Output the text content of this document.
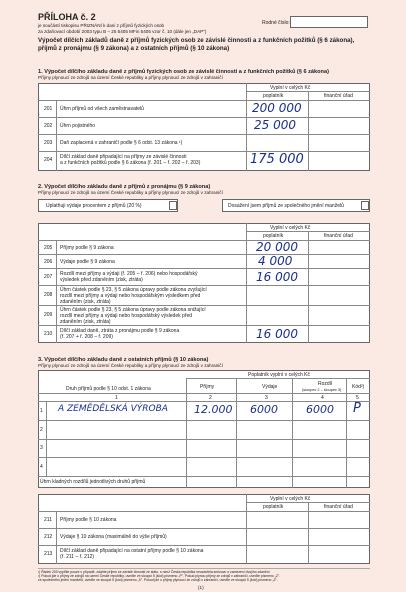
PŘÍLOHA č. 2
je součástí tiskopisu PŘIZNÁNÍ k dani z příjmů fyzických osob
za zdaňovací období 2003 typu B – 25 5405 MFin 5405 vzor č. 10 (dále jen „DAP")
Rodné číslo:
Výpočet dílčích základů daně z příjmů fyzických osob ze závislé činnosti a z funkčních požitků (§ 6 zákona),
příjmů z pronájmu (§ 9 zákona) a z ostatních příjmů (§ 10 zákona)
1. Výpočet dílčího základu daně z příjmů fyzických osob ze závislé činnosti a z funkčních požitků (§ 6 zákona)
Příjmy plynoucí ze zdrojů na území České republiky a příjmy plynoucí ze zdrojů v zahraničí
Vyplní v celých Kč
poplatník	finanční úřad
201 Úhrn příjmů od všech zaměstnavatelů	200 000
202 Úhrn pojistného	25 000
203 Daň zaplacená v zahraničí podle § 6 odst. 13 zákona ¹)
204 Dílčí základ daně připadající na příjmy ze závislé činnosti
a z funkčních požitků podle § 6 zákona (ř. 201 – ř. 202 – ř. 203)	175 000
2. Výpočet dílčího základu daně z příjmů z pronájmu (§ 9 zákona)
Příjmy plynoucí ze zdrojů na území České republiky a příjmy plynoucí ze zdrojů v zahraničí
Uplatňuji výdaje procentem z příjmů (20 %)	Dosažení jsem příjmů ze společného jmění manželů
Vyplní v celých Kč
poplatník	finanční úřad
205 Příjmy podle § 9 zákona	20 000
206 Výdaje podle § 9 zákona	4 000
207 Rozdíl mezi příjmy a výdaji (ř. 205 – ř. 206) nebo hospodářský
výsledek před zdaněním (zisk, ztráta)	16 000
208
Úhrn částek podle § 23, § 5 zákona úpravy podle zákona zvyšující
rozdíl mezi příjmy a výdaji nebo hospodářským výsledkem před
zdaněním (zisk, ztráta)
209
Úhrn částek podle § 23, § 5 zákona úpravy podle zákona snižující
rozdíl mezi příjmy a výdaji nebo hospodářský výsledek před
zdaněním (zisk, ztráta)
210 Dílčí základ daně, ztráta z pronájmu podle § 9 zákona
(ř. 207 + ř. 208 – ř. 209)	16 000
3. Výpočet dílčího základu daně z ostatních příjmů (§ 10 zákona)
Příjmy plynoucí ze zdrojů na území České republiky a příjmy plynoucí ze zdrojů v zahraničí
Poplatník vyplní v celých Kč
Druh příjmů podle § 10 odst. 1 zákona	Příjmy	Výdaje	Rozdíl
(sloupec 2 – sloupec 3) Kód²)
1	2	3	4	5
1 A ZEMĚDĚLSKÁ VÝROBA 12.000 6000	6000 P
2
3
4
Úhrn kladných rozdílů jednotlivých druhů příjmů
Vyplní v celých Kč
poplatník	finanční úřad
211 Příjmy podle § 10 zákona
212 Výdaje § 10 zákona (maximálně do výše příjmů)
213 Dílčí základ daně připadající na ostatní příjmy podle § 10 zákona
(ř. 211 – ř. 212)
¹) Řádek 203 vyplňte pouze v případě, zdaňte příjem ze závislé činnosti ze státu, s nímž Česká republika neuzavřela smlouvu o zamezení dvojího zdanění
²) Pokud jde o příjmy ze zdrojů na území České republiky, uveďte ve sloupci 5 (kód) písmeno „P". Pokud plynou příjmy ze zdrojů v zahraničí, uveďte písmeno „Z".
ze společného jmění manželů, uveďte ve sloupci 5 (kód) písmeno „S". Pokud jde o příjmy plynoucí ze zdrojů v zahraničí, uveďte ve sloupci 5 (kód) písmeno „Z".
(1)
